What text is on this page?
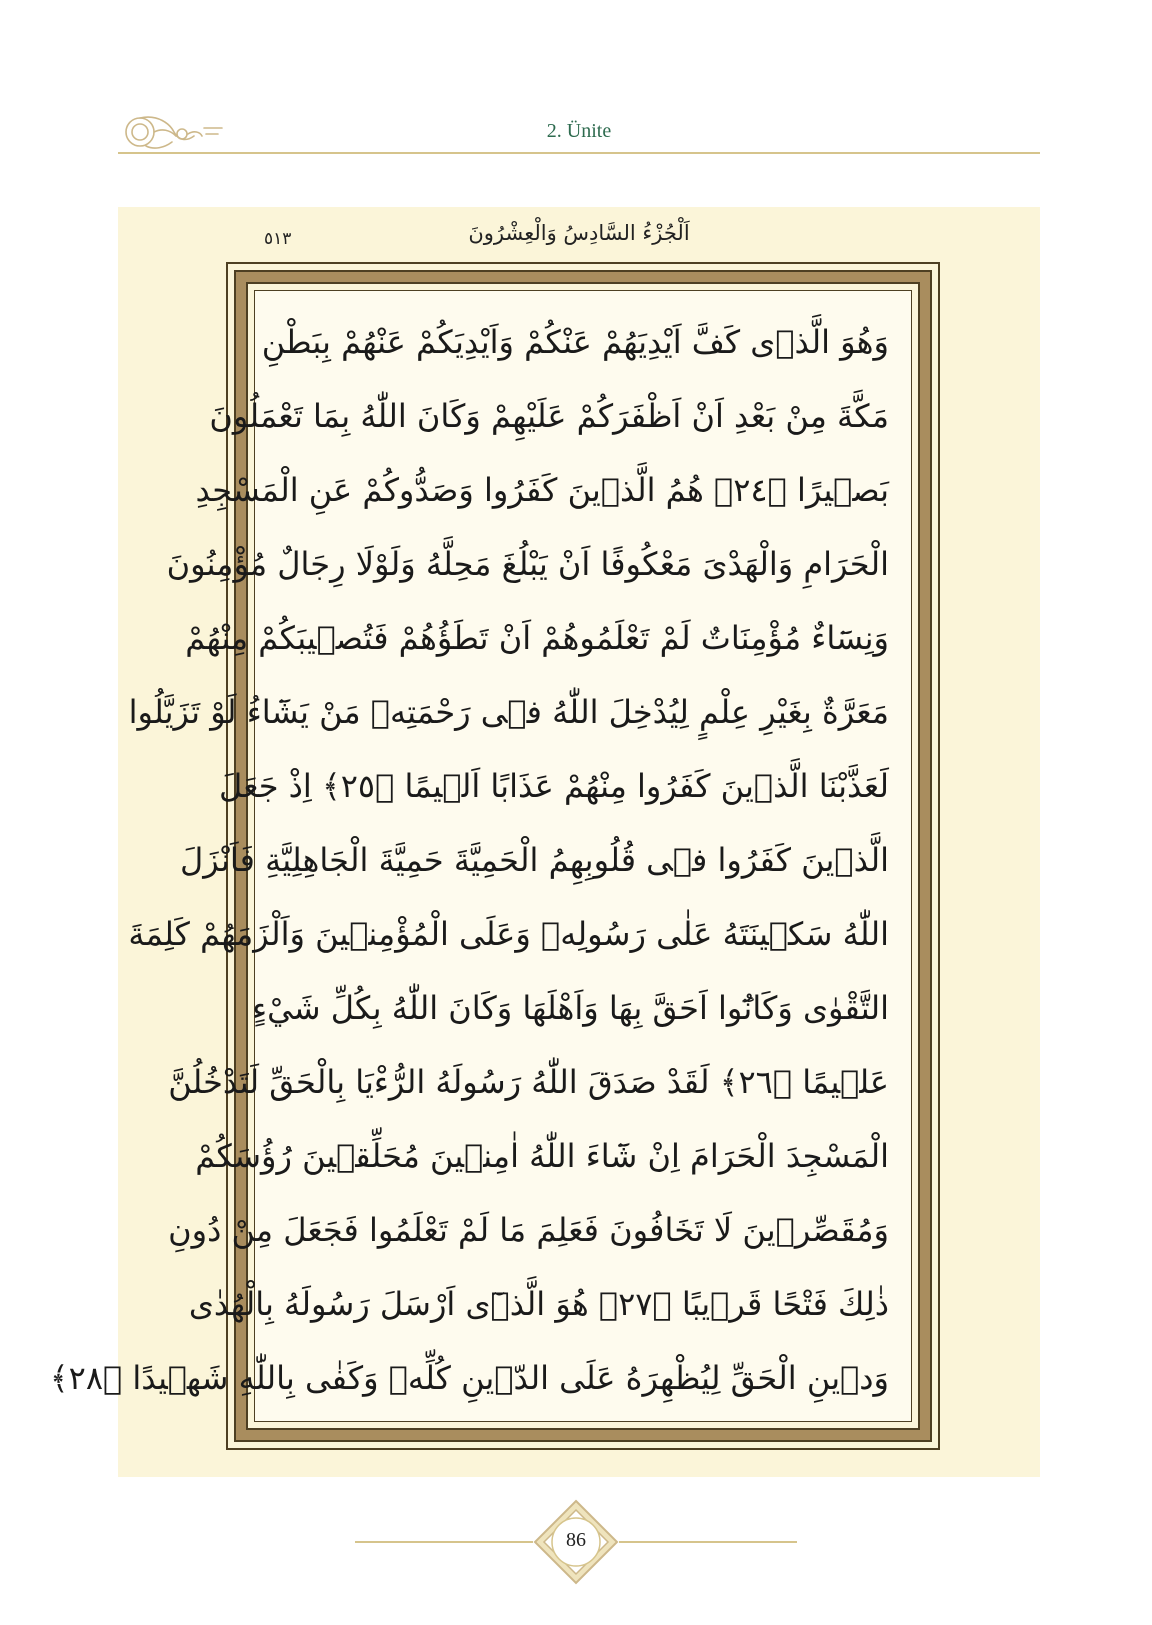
2. Ünite
اَلْجُزْءُ السَّادِسُ وَالْعِشْرُونَ
٥١٣
وَهُوَ الَّذٖى كَفَّ اَيْدِيَهُمْ عَنْكُمْ وَاَيْدِيَكُمْ عَنْهُمْ بِبَطْنِ
مَكَّةَ مِنْ بَعْدِ اَنْ اَظْفَرَكُمْ عَلَيْهِمْ وَكَانَ اللّٰهُ بِمَا تَعْمَلُونَ
بَصٖيرًا ﴿٢٤﴾ هُمُ الَّذٖينَ كَفَرُوا وَصَدُّوكُمْ عَنِ الْمَسْجِدِ
الْحَرَامِ وَالْهَدْىَ مَعْكُوفًا اَنْ يَبْلُغَ مَحِلَّهُ وَلَوْلَا رِجَالٌ مُؤْمِنُونَ
وَنِسَٓاءٌ مُؤْمِنَاتٌ لَمْ تَعْلَمُوهُمْ اَنْ تَطَؤُهُمْ فَتُصٖيبَكُمْ مِنْهُمْ
مَعَرَّةٌ بِغَيْرِ عِلْمٍ لِيُدْخِلَ اللّٰهُ فٖى رَحْمَتِهٖ مَنْ يَشَٓاءُ لَوْ تَزَيَّلُوا
لَعَذَّبْنَا الَّذٖينَ كَفَرُوا مِنْهُمْ عَذَابًا اَلٖيمًا ﴿٢٥﴾ اِذْ جَعَلَ
الَّذٖينَ كَفَرُوا فٖى قُلُوبِهِمُ الْحَمِيَّةَ حَمِيَّةَ الْجَاهِلِيَّةِ فَاَنْزَلَ
اللّٰهُ سَكٖينَتَهُ عَلٰى رَسُولِهٖ وَعَلَى الْمُؤْمِنٖينَ وَاَلْزَمَهُمْ كَلِمَةَ
التَّقْوٰى وَكَانُٓوا اَحَقَّ بِهَا وَاَهْلَهَا وَكَانَ اللّٰهُ بِكُلِّ شَيْءٍ
عَلٖيمًا ﴿٢٦﴾ لَقَدْ صَدَقَ اللّٰهُ رَسُولَهُ الرُّءْيَا بِالْحَقِّ لَتَدْخُلُنَّ
الْمَسْجِدَ الْحَرَامَ اِنْ شَٓاءَ اللّٰهُ اٰمِنٖينَ مُحَلِّقٖينَ رُؤُسَكُمْ
وَمُقَصِّرٖينَ لَا تَخَافُونَ فَعَلِمَ مَا لَمْ تَعْلَمُوا فَجَعَلَ مِنْ دُونِ
ذٰلِكَ فَتْحًا قَرٖيبًا ﴿٢٧﴾ هُوَ الَّذٖٓى اَرْسَلَ رَسُولَهُ بِالْهُدٰى
وَدٖينِ الْحَقِّ لِيُظْهِرَهُ عَلَى الدّٖينِ كُلِّهٖ وَكَفٰى بِاللّٰهِ شَهٖيدًا ﴿٢٨﴾
86
